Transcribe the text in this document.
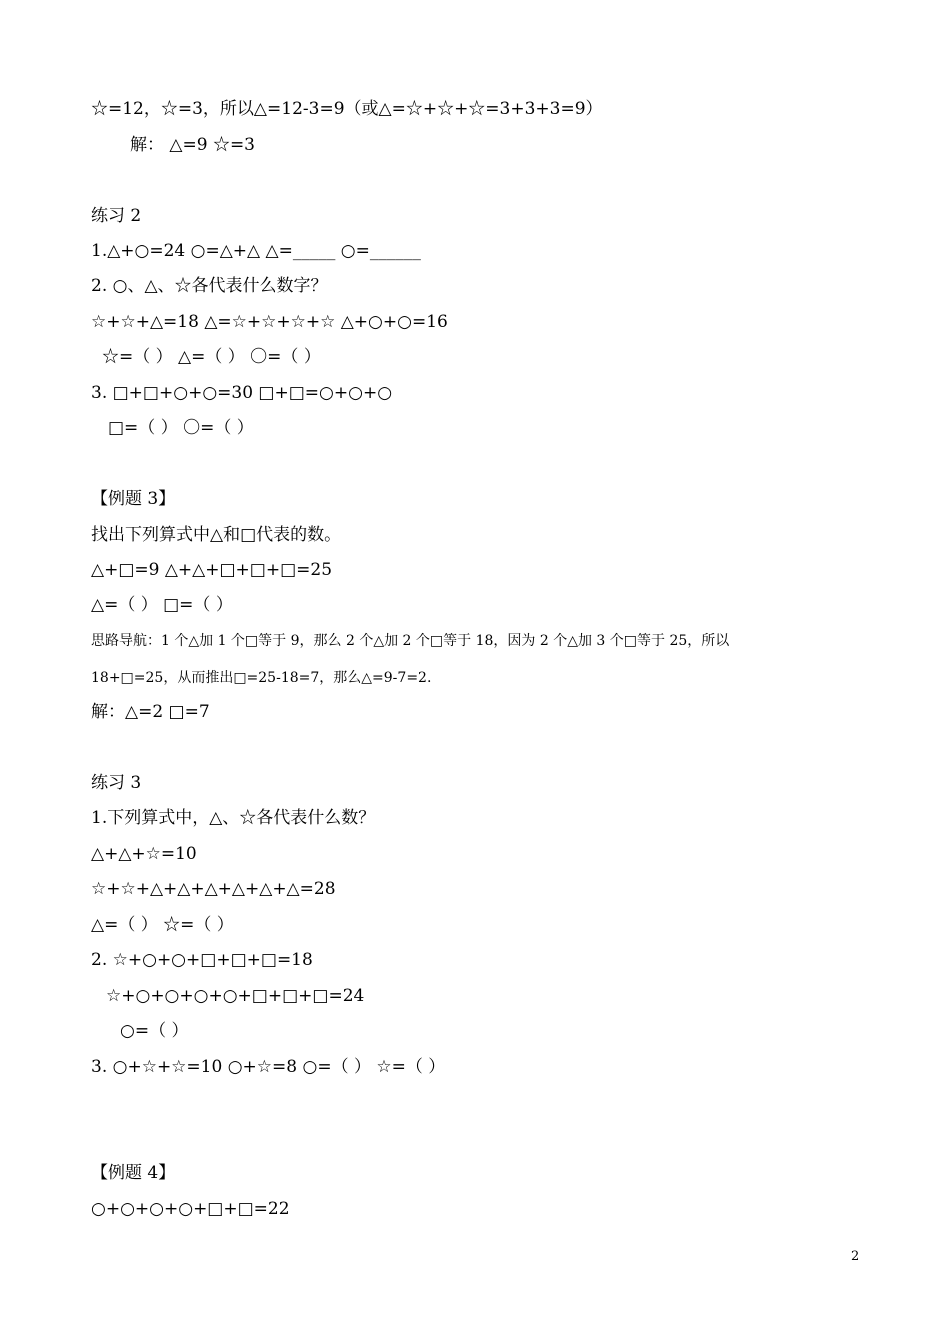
☆=12，☆=3，所以△=12-3=9（或△=☆+☆+☆=3+3+3=9）
解： △=9 ☆=3
练习 2
1.△+○=24 ○=△+△ △=_____ ○=______
2. ○、△、☆各代表什么数字？
☆+☆+△=18 △=☆+☆+☆+☆ △+○+○=16
☆=（ ） △=（ ） 〇=（ ）
3. □+□+○+○=30 □+□=○+○+○
□=（ ） 〇=（ ）
【例题 3】
找出下列算式中△和□代表的数。
△+□=9 △+△+□+□+□=25
△=（ ） □=（ ）
思路导航：1 个△加 1 个□等于 9，那么 2 个△加 2 个□等于 18，因为 2 个△加 3 个□等于 25，所以
18+□=25，从而推出□=25-18=7，那么△=9-7=2.
解：△=2 □=7
练习 3
1.下列算式中，△、☆各代表什么数？
△+△+☆=10
☆+☆+△+△+△+△+△+△=28
△=（ ） ☆=（ ）
2. ☆+○+○+□+□+□=18
☆+○+○+○+○+□+□+□=24
○=（ ）
3. ○+☆+☆=10 ○+☆=8 ○=（ ） ☆=（ ）
【例题 4】
○+○+○+○+□+□=22
2
